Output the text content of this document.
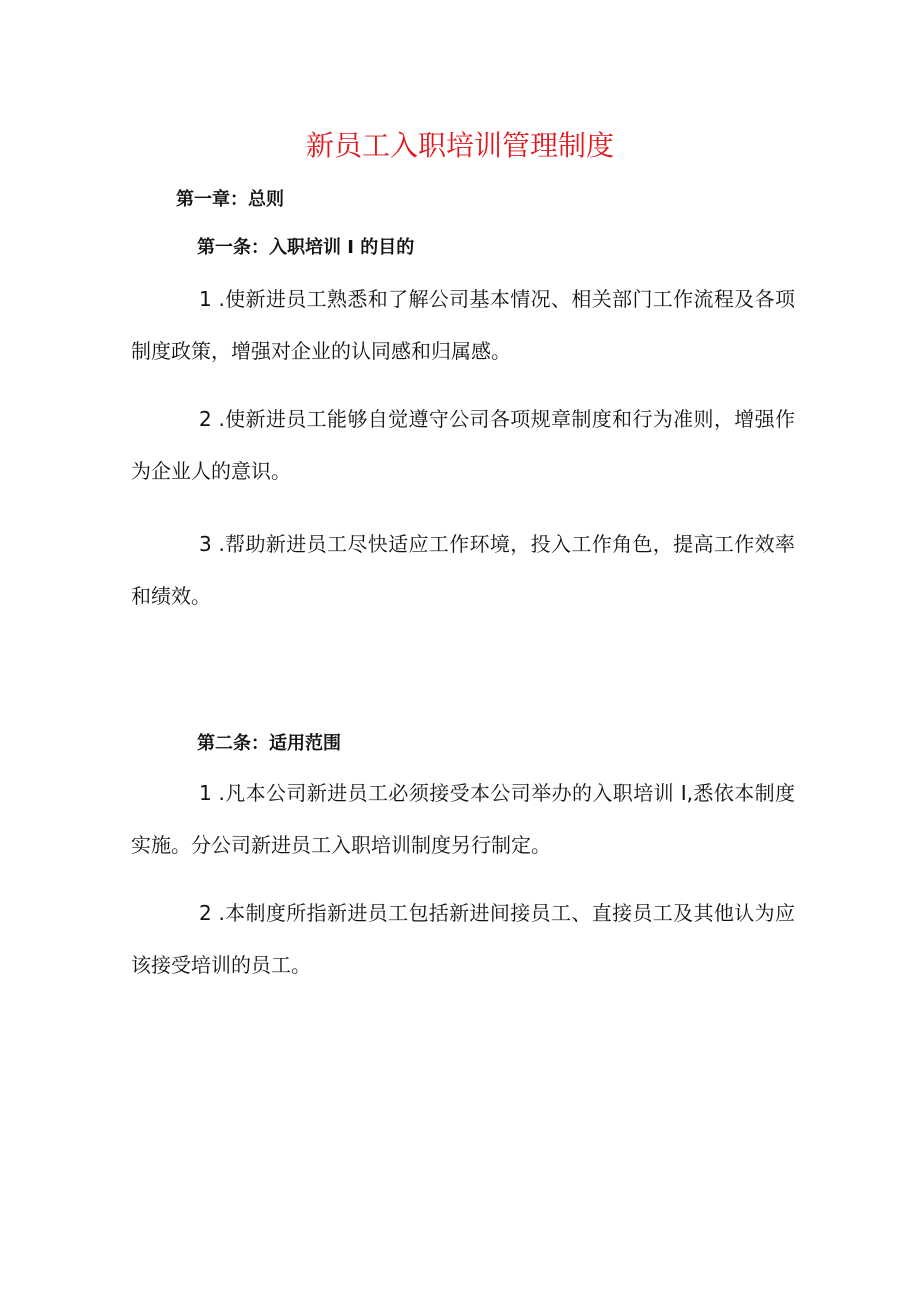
新员工入职培训管理制度
第一章：总则
第一条：入职培训 I 的目的
1 .使新进员工熟悉和了解公司基本情况、相关部门工作流程及各项制度政策，增强对企业的认同感和归属感。
2 .使新进员工能够自觉遵守公司各项规章制度和行为准则，增强作为企业人的意识。
3 .帮助新进员工尽快适应工作环境，投入工作角色，提高工作效率和绩效。
第二条：适用范围
1 .凡本公司新进员工必须接受本公司举办的入职培训 I,悉依本制度实施。分公司新进员工入职培训制度另行制定。
2 .本制度所指新进员工包括新进间接员工、直接员工及其他认为应该接受培训的员工。
